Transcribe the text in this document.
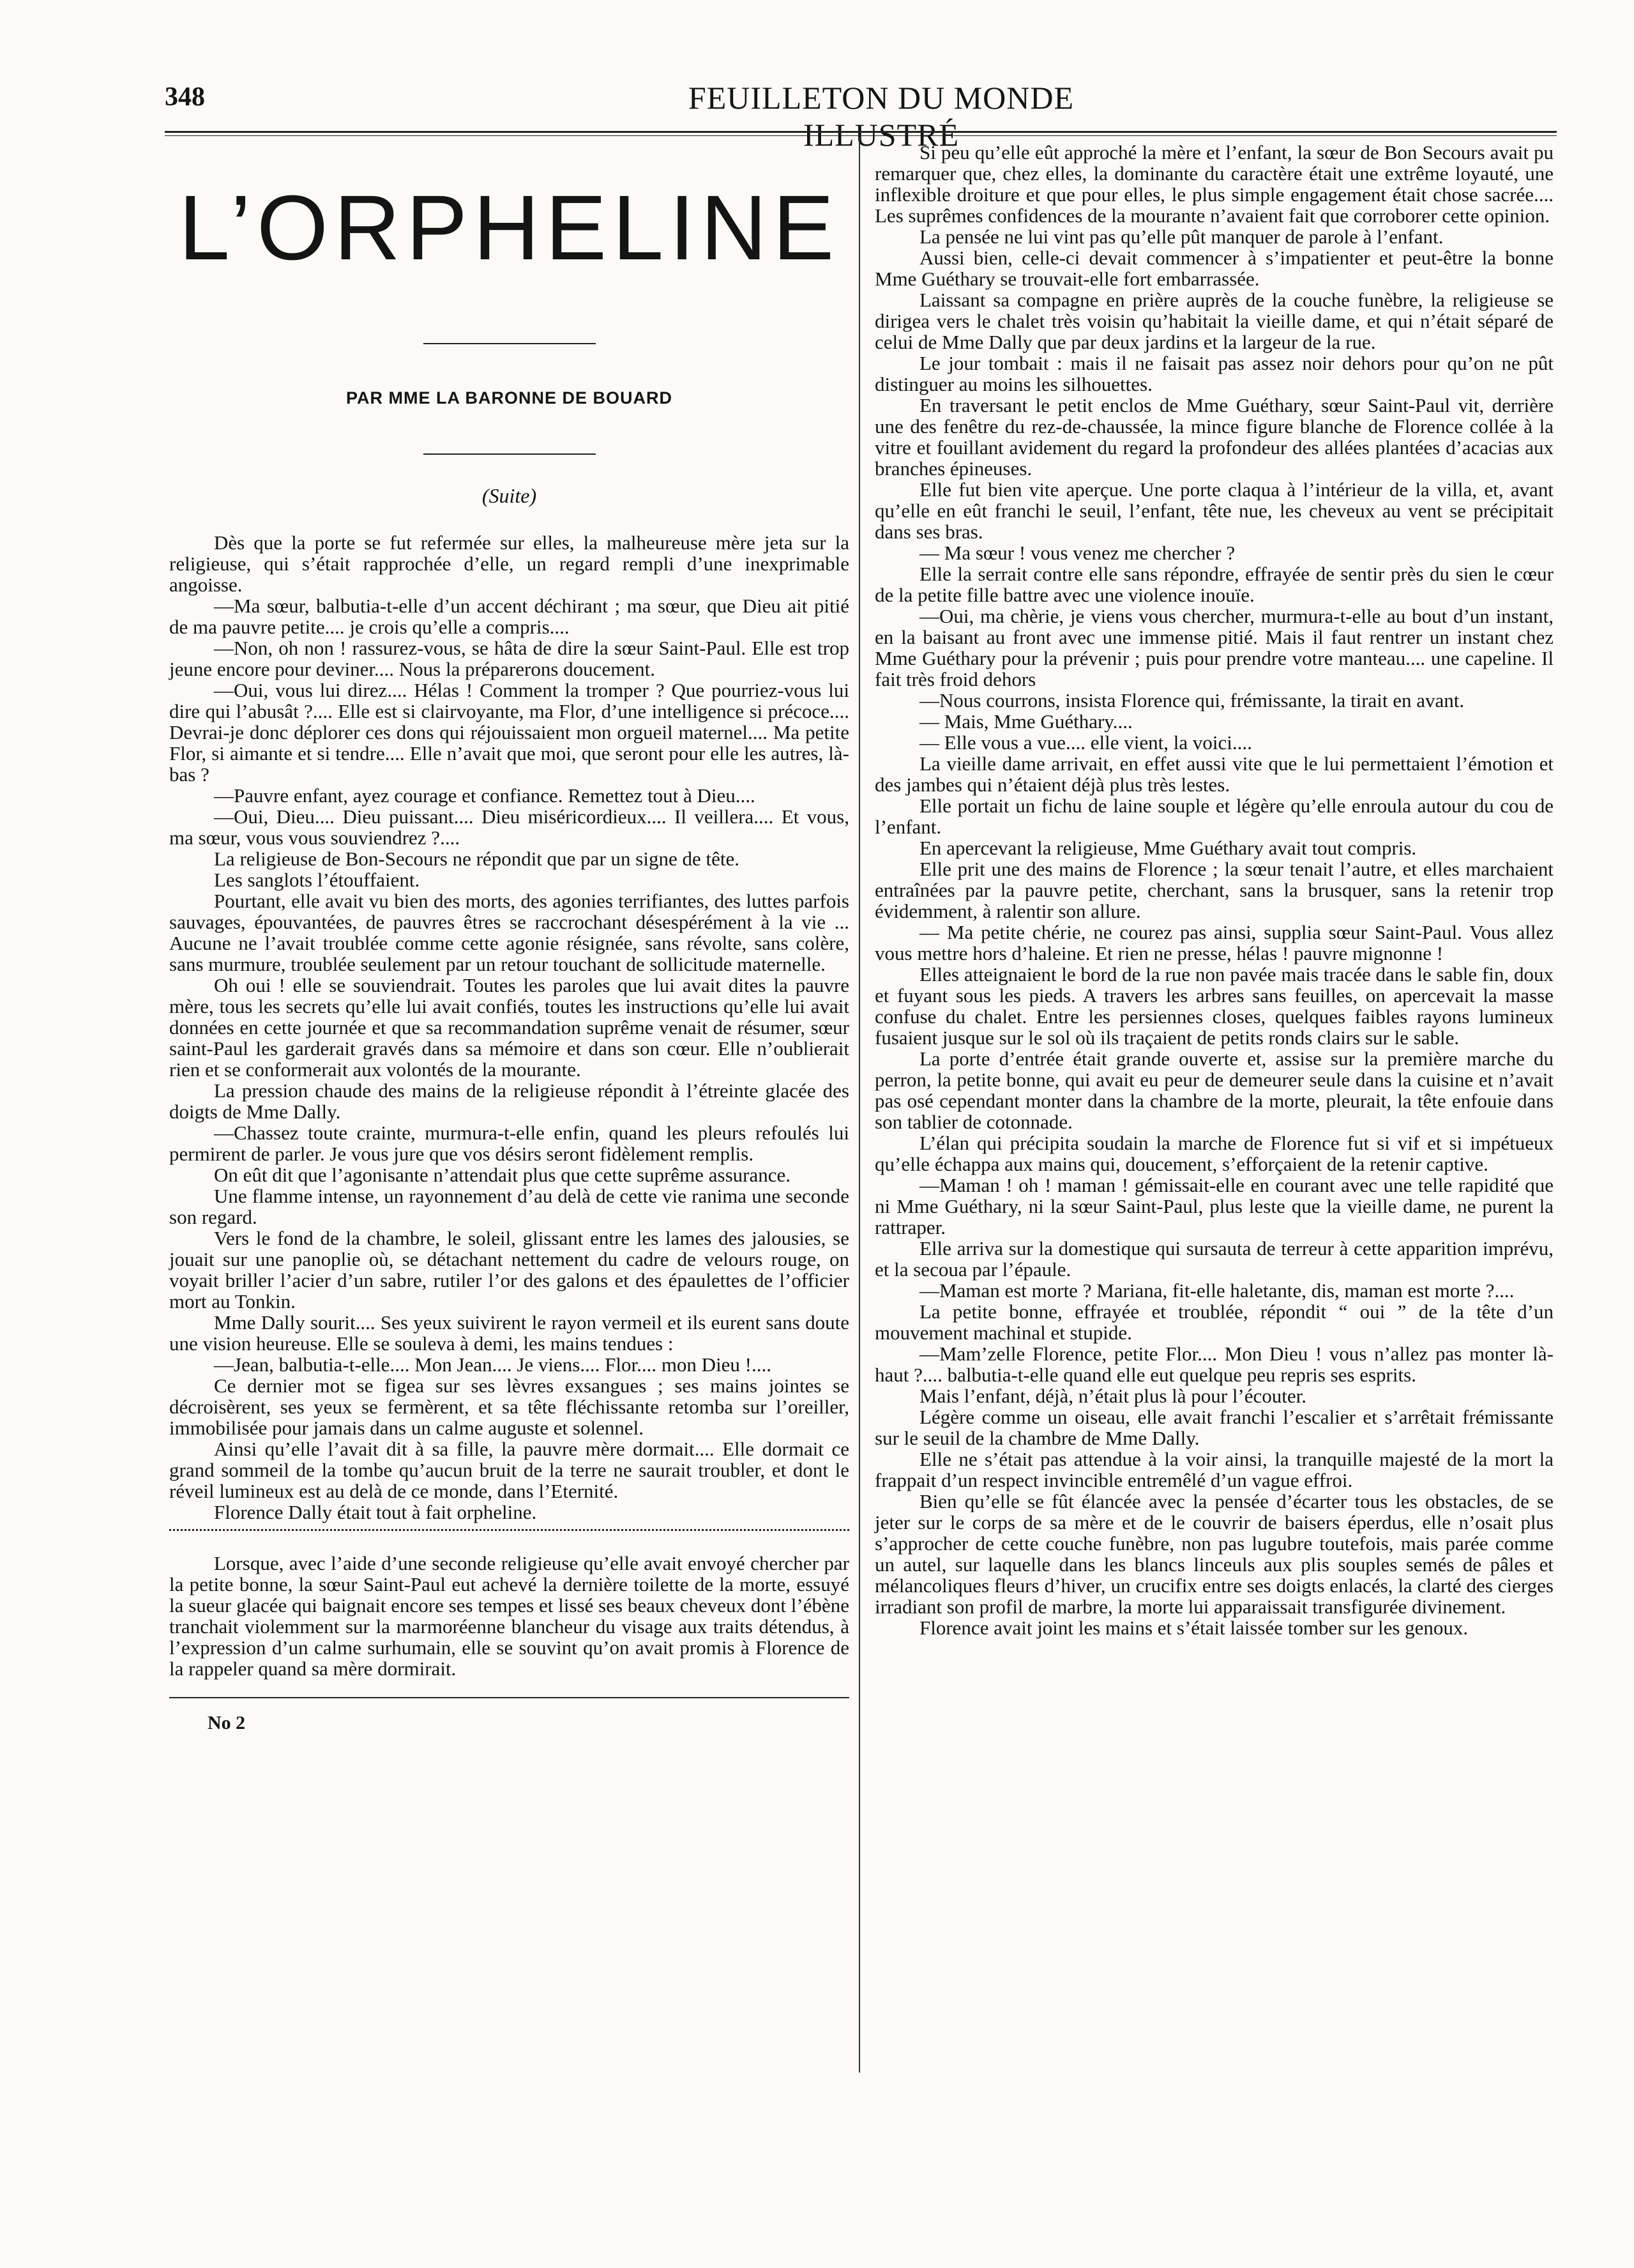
348	FEUILLETON DU MONDE ILLUSTRÉ
L’ORPHELINE
PAR MME LA BARONNE DE BOUARD
(Suite)

Dès que la porte se fut refermée sur elles, la malheureuse mère jeta sur la religieuse, qui s’était rapprochée d’elle, un regard rempli d’une inexprimable angoisse.

—Ma sœur, balbutia-t-elle d’un accent déchirant ; ma sœur, que Dieu ait pitié de ma pauvre petite.... je crois qu’elle a compris....

—Non, oh non ! rassurez-vous, se hâta de dire la sœur Saint-Paul. Elle est trop jeune encore pour deviner.... Nous la préparerons doucement.

—Oui, vous lui direz.... Hélas ! Comment la tromper ? Que pourriez-vous lui dire qui l’abusât ?.... Elle est si clairvoyante, ma Flor, d’une intelligence si précoce.... Devrai-je donc déplorer ces dons qui réjouissaient mon orgueil maternel.... Ma petite Flor, si aimante et si tendre.... Elle n’avait que moi, que seront pour elle les autres, là-bas ?

—Pauvre enfant, ayez courage et confiance. Remettez tout à Dieu....

—Oui, Dieu.... Dieu puissant.... Dieu miséricordieux.... Il veillera.... Et vous, ma sœur, vous vous souviendrez ?....

La religieuse de Bon-Secours ne répondit que par un signe de tête.

Les sanglots l’étouffaient.

Pourtant, elle avait vu bien des morts, des agonies terrifiantes, des luttes parfois sauvages, épouvantées, de pauvres êtres se raccrochant désespérément à la vie ... Aucune ne l’avait troublée comme cette agonie résignée, sans révolte, sans colère, sans murmure, troublée seulement par un retour touchant de sollicitude maternelle.

Oh oui ! elle se souviendrait. Toutes les paroles que lui avait dites la pauvre mère, tous les secrets qu’elle lui avait confiés, toutes les instructions qu’elle lui avait données en cette journée et que sa recommandation suprême venait de résumer, sœur saint-Paul les garderait gravés dans sa mémoire et dans son cœur. Elle n’oublierait rien et se conformerait aux volontés de la mourante.

La pression chaude des mains de la religieuse répondit à l’étreinte glacée des doigts de Mme Dally.

—Chassez toute crainte, murmura-t-elle enfin, quand les pleurs refoulés lui permirent de parler. Je vous jure que vos désirs seront fidèlement remplis.

On eût dit que l’agonisante n’attendait plus que cette suprême assurance.

Une flamme intense, un rayonnement d’au delà de cette vie ranima une seconde son regard.

Vers le fond de la chambre, le soleil, glissant entre les lames des jalousies, se jouait sur une panoplie où, se détachant nettement du cadre de velours rouge, on voyait briller l’acier d’un sabre, rutiler l’or des galons et des épaulettes de l’officier mort au Tonkin.

Mme Dally sourit.... Ses yeux suivirent le rayon vermeil et ils eurent sans doute une vision heureuse. Elle se souleva à demi, les mains tendues :

—Jean, balbutia-t-elle.... Mon Jean.... Je viens.... Flor.... mon Dieu !....

Ce dernier mot se figea sur ses lèvres exsangues ; ses mains jointes se décroisèrent, ses yeux se fermèrent, et sa tête fléchissante retomba sur l’oreiller, immobilisée pour jamais dans un calme auguste et solennel.

Ainsi qu’elle l’avait dit à sa fille, la pauvre mère dormait.... Elle dormait ce grand sommeil de la tombe qu’aucun bruit de la terre ne saurait troubler, et dont le réveil lumineux est au delà de ce monde, dans l’Eternité.

Florence Dally était tout à fait orpheline.

Lorsque, avec l’aide d’une seconde religieuse qu’elle avait envoyé chercher par la petite bonne, la sœur Saint-Paul eut achevé la dernière toilette de la morte, essuyé la sueur glacée qui baignait encore ses tempes et lissé ses beaux cheveux dont l’ébène tranchait violemment sur la marmoréenne blancheur du visage aux traits détendus, à l’expression d’un calme surhumain, elle se souvint qu’on avait promis à Florence de la rappeler quand sa mère dormirait.

No 2

Si peu qu’elle eût approché la mère et l’enfant, la sœur de Bon Secours avait pu remarquer que, chez elles, la dominante du caractère était une extrême loyauté, une inflexible droiture et que pour elles, le plus simple engagement était chose sacrée.... Les suprêmes confidences de la mourante n’avaient fait que corroborer cette opinion.

La pensée ne lui vint pas qu’elle pût manquer de parole à l’enfant.

Aussi bien, celle-ci devait commencer à s’impatienter et peut-être la bonne Mme Guéthary se trouvait-elle fort embarrassée.

Laissant sa compagne en prière auprès de la couche funèbre, la religieuse se dirigea vers le chalet très voisin qu’habitait la vieille dame, et qui n’était séparé de celui de Mme Dally que par deux jardins et la largeur de la rue.

Le jour tombait : mais il ne faisait pas assez noir dehors pour qu’on ne pût distinguer au moins les silhouettes.

En traversant le petit enclos de Mme Guéthary, sœur Saint-Paul vit, derrière une des fenêtre du rez-de-chaussée, la mince figure blanche de Florence collée à la vitre et fouillant avidement du regard la profondeur des allées plantées d’acacias aux branches épineuses.

Elle fut bien vite aperçue. Une porte claqua à l’intérieur de la villa, et, avant qu’elle en eût franchi le seuil, l’enfant, tête nue, les cheveux au vent se précipitait dans ses bras.

— Ma sœur ! vous venez me chercher ?

Elle la serrait contre elle sans répondre, effrayée de sentir près du sien le cœur de la petite fille battre avec une violence inouïe.

—Oui, ma chèrie, je viens vous chercher, murmura-t-elle au bout d’un instant, en la baisant au front avec une immense pitié. Mais il faut rentrer un instant chez Mme Guéthary pour la prévenir ; puis pour prendre votre manteau.... une capeline. Il fait très froid dehors

—Nous courrons, insista Florence qui, frémissante, la tirait en avant.

— Mais, Mme Guéthary....

— Elle vous a vue.... elle vient, la voici....

La vieille dame arrivait, en effet aussi vite que le lui permettaient l’émotion et des jambes qui n’étaient déjà plus très lestes.

Elle portait un fichu de laine souple et légère qu’elle enroula autour du cou de l’enfant.

En apercevant la religieuse, Mme Guéthary avait tout compris.

Elle prit une des mains de Florence ; la sœur tenait l’autre, et elles marchaient entraînées par la pauvre petite, cherchant, sans la brusquer, sans la retenir trop évidemment, à ralentir son allure.

— Ma petite chérie, ne courez pas ainsi, supplia sœur Saint-Paul. Vous allez vous mettre hors d’haleine. Et rien ne presse, hélas ! pauvre mignonne !

Elles atteignaient le bord de la rue non pavée mais tracée dans le sable fin, doux et fuyant sous les pieds. A travers les arbres sans feuilles, on apercevait la masse confuse du chalet. Entre les persiennes closes, quelques faibles rayons lumineux fusaient jusque sur le sol où ils traçaient de petits ronds clairs sur le sable.

La porte d’entrée était grande ouverte et, assise sur la première marche du perron, la petite bonne, qui avait eu peur de demeurer seule dans la cuisine et n’avait pas osé cependant monter dans la chambre de la morte, pleurait, la tête enfouie dans son tablier de cotonnade.

L’élan qui précipita soudain la marche de Florence fut si vif et si impétueux qu’elle échappa aux mains qui, doucement, s’efforçaient de la retenir captive.

—Maman ! oh ! maman ! gémissait-elle en courant avec une telle rapidité que ni Mme Guéthary, ni la sœur Saint-Paul, plus leste que la vieille dame, ne purent la rattraper.

Elle arriva sur la domestique qui sursauta de terreur à cette apparition imprévu, et la secoua par l’épaule.

—Maman est morte ? Mariana, fit-elle haletante, dis, maman est morte ?....

La petite bonne, effrayée et troublée, répondit “ oui ” de la tête d’un mouvement machinal et stupide.

—Mam’zelle Florence, petite Flor.... Mon Dieu ! vous n’allez pas monter là-haut ?.... balbutia-t-elle quand elle eut quelque peu repris ses esprits.

Mais l’enfant, déjà, n’était plus là pour l’écouter.

Légère comme un oiseau, elle avait franchi l’escalier et s’arrêtait frémissante sur le seuil de la chambre de Mme Dally.

Elle ne s’était pas attendue à la voir ainsi, la tranquille majesté de la mort la frappait d’un respect invincible entremêlé d’un vague effroi.

Bien qu’elle se fût élancée avec la pensée d’écarter tous les obstacles, de se jeter sur le corps de sa mère et de le couvrir de baisers éperdus, elle n’osait plus s’approcher de cette couche funèbre, non pas lugubre toutefois, mais parée comme un autel, sur laquelle dans les blancs linceuls aux plis souples semés de pâles et mélancoliques fleurs d’hiver, un crucifix entre ses doigts enlacés, la clarté des cierges irradiant son profil de marbre, la morte lui apparaissait transfigurée divinement.

Florence avait joint les mains et s’était laissée tomber sur les genoux.
